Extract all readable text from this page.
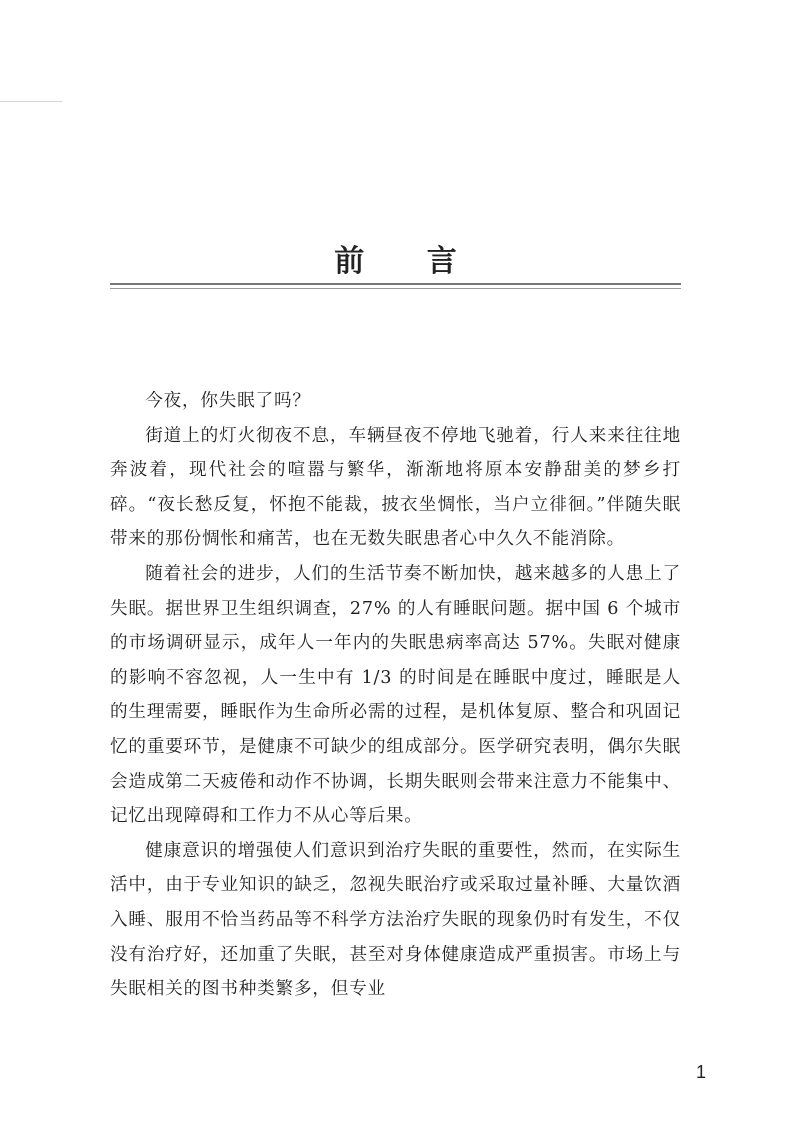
前 言

今夜，你失眠了吗？

街道上的灯火彻夜不息，车辆昼夜不停地飞驰着，行人来来往往地奔波着，现代社会的喧嚣与繁华，渐渐地将原本安静甜美的梦乡打碎。“夜长愁反复，怀抱不能裁，披衣坐惆怅，当户立徘徊。”伴随失眠带来的那份惆怅和痛苦，也在无数失眠患者心中久久不能消除。

随着社会的进步，人们的生活节奏不断加快，越来越多的人患上了失眠。据世界卫生组织调查，27% 的人有睡眠问题。据中国 6 个城市的市场调研显示，成年人一年内的失眠患病率高达 57%。失眠对健康的影响不容忽视，人一生中有 1/3 的时间是在睡眠中度过，睡眠是人的生理需要，睡眠作为生命所必需的过程，是机体复原、整合和巩固记忆的重要环节，是健康不可缺少的组成部分。医学研究表明，偶尔失眠会造成第二天疲倦和动作不协调，长期失眠则会带来注意力不能集中、记忆出现障碍和工作力不从心等后果。

健康意识的增强使人们意识到治疗失眠的重要性，然而，在实际生活中，由于专业知识的缺乏，忽视失眠治疗或采取过量补睡、大量饮酒入睡、服用不恰当药品等不科学方法治疗失眠的现象仍时有发生，不仅没有治疗好，还加重了失眠，甚至对身体健康造成严重损害。市场上与失眠相关的图书种类繁多，但专业

1
